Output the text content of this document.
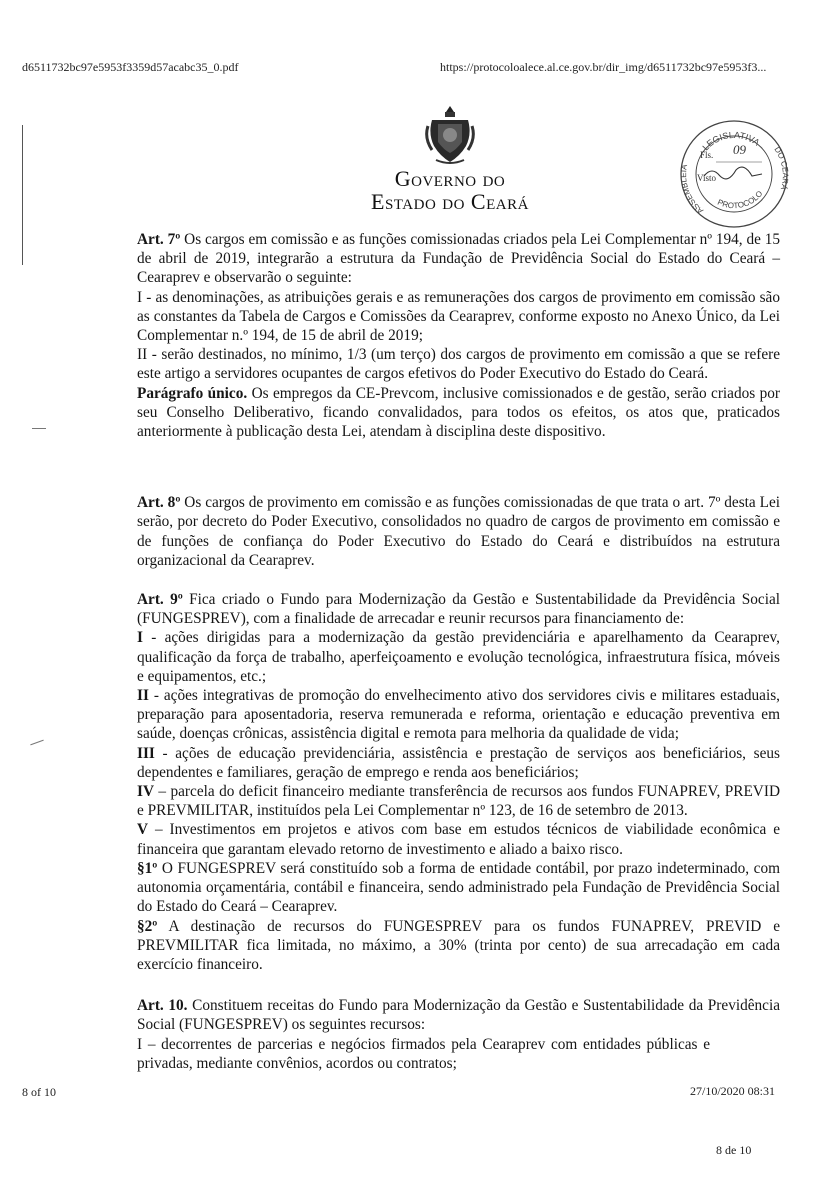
d6511732bc97e5953f3359d57acabc35_0.pdf	https://protocoloalece.al.ce.gov.br/dir_img/d6511732bc97e5953f3...
Governo do
Estado do Ceará
LEGISLATIVA
PROTOCOLO
ASSEMBLEIA
DO CEARÁ
Fls. 09
Visto

Art. 7º Os cargos em comissão e as funções comissionadas criados pela Lei Complementar nº 194, de 15 de abril de 2019, integrarão a estrutura da Fundação de Previdência Social do Estado do Ceará – Cearaprev e observarão o seguinte:

I - as denominações, as atribuições gerais e as remunerações dos cargos de provimento em comissão são as constantes da Tabela de Cargos e Comissões da Cearaprev, conforme exposto no Anexo Único, da Lei Complementar n.º 194, de 15 de abril de 2019;

II - serão destinados, no mínimo, 1/3 (um terço) dos cargos de provimento em comissão a que se refere este artigo a servidores ocupantes de cargos efetivos do Poder Executivo do Estado do Ceará.

Parágrafo único. Os empregos da CE-Prevcom, inclusive comissionados e de gestão, serão criados por seu Conselho Deliberativo, ficando convalidados, para todos os efeitos, os atos que, praticados anteriormente à publicação desta Lei, atendam à disciplina deste dispositivo.

Art. 8º Os cargos de provimento em comissão e as funções comissionadas de que trata o art. 7º desta Lei serão, por decreto do Poder Executivo, consolidados no quadro de cargos de provimento em comissão e de funções de confiança do Poder Executivo do Estado do Ceará e distribuídos na estrutura organizacional da Cearaprev.

Art. 9º Fica criado o Fundo para Modernização da Gestão e Sustentabilidade da Previdência Social (FUNGESPREV), com a finalidade de arrecadar e reunir recursos para financiamento de:

I - ações dirigidas para a modernização da gestão previdenciária e aparelhamento da Cearaprev, qualificação da força de trabalho, aperfeiçoamento e evolução tecnológica, infraestrutura física, móveis e equipamentos, etc.;

II - ações integrativas de promoção do envelhecimento ativo dos servidores civis e militares estaduais, preparação para aposentadoria, reserva remunerada e reforma, orientação e educação preventiva em saúde, doenças crônicas, assistência digital e remota para melhoria da qualidade de vida;

III - ações de educação previdenciária, assistência e prestação de serviços aos beneficiários, seus dependentes e familiares, geração de emprego e renda aos beneficiários;

IV – parcela do deficit financeiro mediante transferência de recursos aos fundos FUNAPREV, PREVID e PREVMILITAR, instituídos pela Lei Complementar nº 123, de 16 de setembro de 2013.

V – Investimentos em projetos e ativos com base em estudos técnicos de viabilidade econômica e financeira que garantam elevado retorno de investimento e aliado a baixo risco.

§1º O FUNGESPREV será constituído sob a forma de entidade contábil, por prazo indeterminado, com autonomia orçamentária, contábil e financeira, sendo administrado pela Fundação de Previdência Social do Estado do Ceará – Cearaprev.

§2º A destinação de recursos do FUNGESPREV para os fundos FUNAPREV, PREVID e PREVMILITAR fica limitada, no máximo, a 30% (trinta por cento) de sua arrecadação em cada exercício financeiro.

Art. 10. Constituem receitas do Fundo para Modernização da Gestão e Sustentabilidade da Previdência Social (FUNGESPREV) os seguintes recursos:

I – decorrentes de parcerias e negócios firmados pela Cearaprev com entidades públicas e privadas, mediante convênios, acordos ou contratos;

8 of 10	27/10/2020 08:31
8 de 10
